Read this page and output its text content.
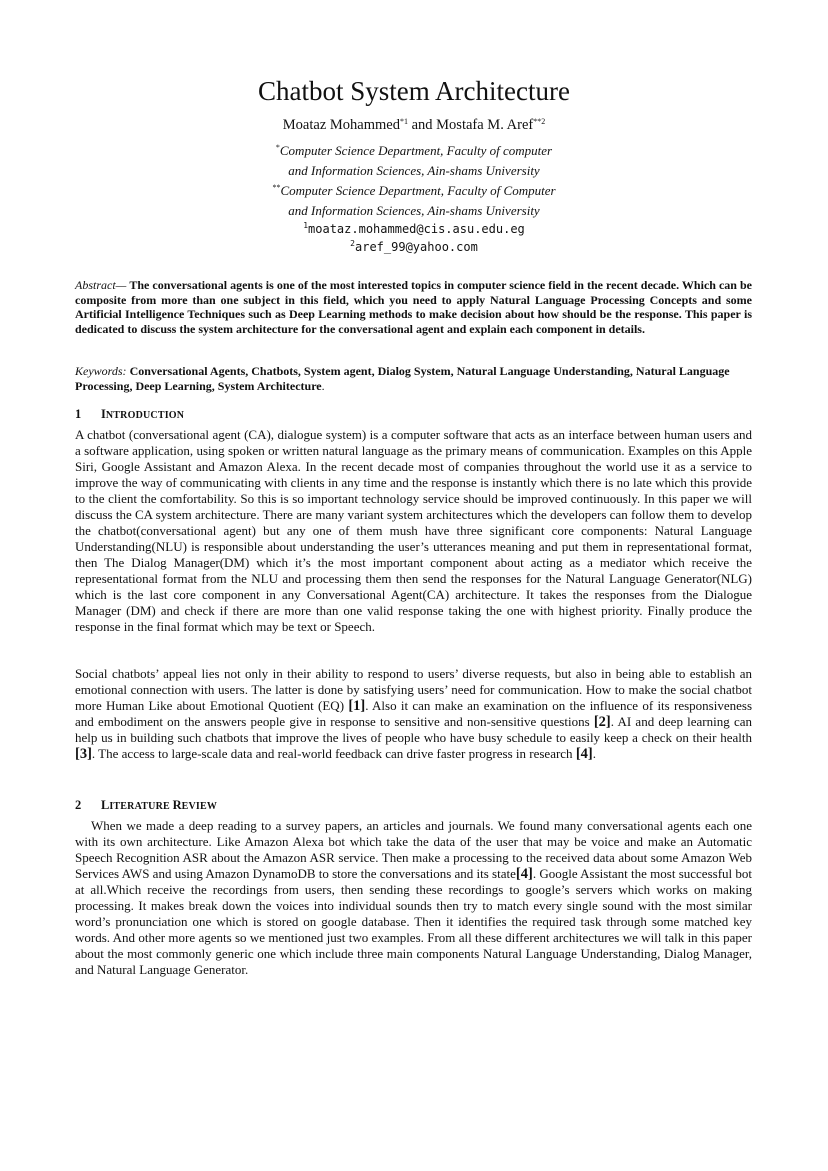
Chatbot System Architecture
Moataz Mohammed$^{*1}$ and Mostafa M. Aref$^{**2}$
*Computer Science Department, Faculty of computer
and Information Sciences, Ain-shams University
**Computer Science Department, Faculty of Computer
and Information Sciences, Ain-shams University
$^1$moataz.mohammed@cis.asu.edu.eg
$^2$aref_99@yahoo.com
Abstract— The conversational agents is one of the most interested topics in computer science field in the recent decade. Which can be composite from more than one subject in this field, which you need to apply Natural Language Processing Concepts and some Artificial Intelligence Techniques such as Deep Learning methods to make decision about how should be the response. This paper is dedicated to discuss the system architecture for the conversational agent and explain each component in details.
Keywords: Conversational Agents, Chatbots, System agent, Dialog System, Natural Language Understanding, Natural Language Processing, Deep Learning, System Architecture.
1 INTRODUCTION

A chatbot (conversational agent (CA), dialogue system) is a computer software that acts as an interface between human users and a software application, using spoken or written natural language as the primary means of communication. Examples on this Apple Siri, Google Assistant and Amazon Alexa. In the recent decade most of companies throughout the world use it as a service to improve the way of communicating with clients in any time and the response is instantly which there is no late which this provide to the client the comfortability. So this is so important technology service should be improved continuously. In this paper we will discuss the CA system architecture. There are many variant system architectures which the developers can follow them to develop the chatbot(conversational agent) but any one of them mush have three significant core components: Natural Language Understanding(NLU) is responsible about understanding the user’s utterances meaning and put them in representational format, then The Dialog Manager(DM) which it’s the most important component about acting as a mediator which receive the representational format from the NLU and processing them then send the responses for the Natural Language Generator(NLG) which is the last core component in any Conversational Agent(CA) architecture. It takes the responses from the Dialogue Manager (DM) and check if there are more than one valid response taking the one with highest priority. Finally produce the response in the final format which may be text or Speech.

Social chatbots’ appeal lies not only in their ability to respond to users’ diverse requests, but also in being able to establish an emotional connection with users. The latter is done by satisfying users’ need for communication. How to make the social chatbot more Human Like about Emotional Quotient (EQ) [1]. Also it can make an examination on the influence of its responsiveness and embodiment on the answers people give in response to sensitive and non-sensitive questions [2]. AI and deep learning can help us in building such chatbots that improve the lives of people who have busy schedule to easily keep a check on their health [3]. The access to large-scale data and real-world feedback can drive faster progress in research [4].

2 LITERATURE REVIEW

When we made a deep reading to a survey papers, an articles and journals. We found many conversational agents each one with its own architecture. Like Amazon Alexa bot which take the data of the user that may be voice and make an Automatic Speech Recognition ASR about the Amazon ASR service. Then make a processing to the received data about some Amazon Web Services AWS and using Amazon DynamoDB to store the conversations and its state[4]. Google Assistant the most successful bot at all.Which receive the recordings from users, then sending these recordings to google’s servers which works on making processing. It makes break down the voices into individual sounds then try to match every single sound with the most similar word’s pronunciation one which is stored on google database. Then it identifies the required task through some matched key words. And other more agents so we mentioned just two examples. From all these different architectures we will talk in this paper about the most commonly generic one which include three main components Natural Language Understanding, Dialog Manager, and Natural Language Generator.
